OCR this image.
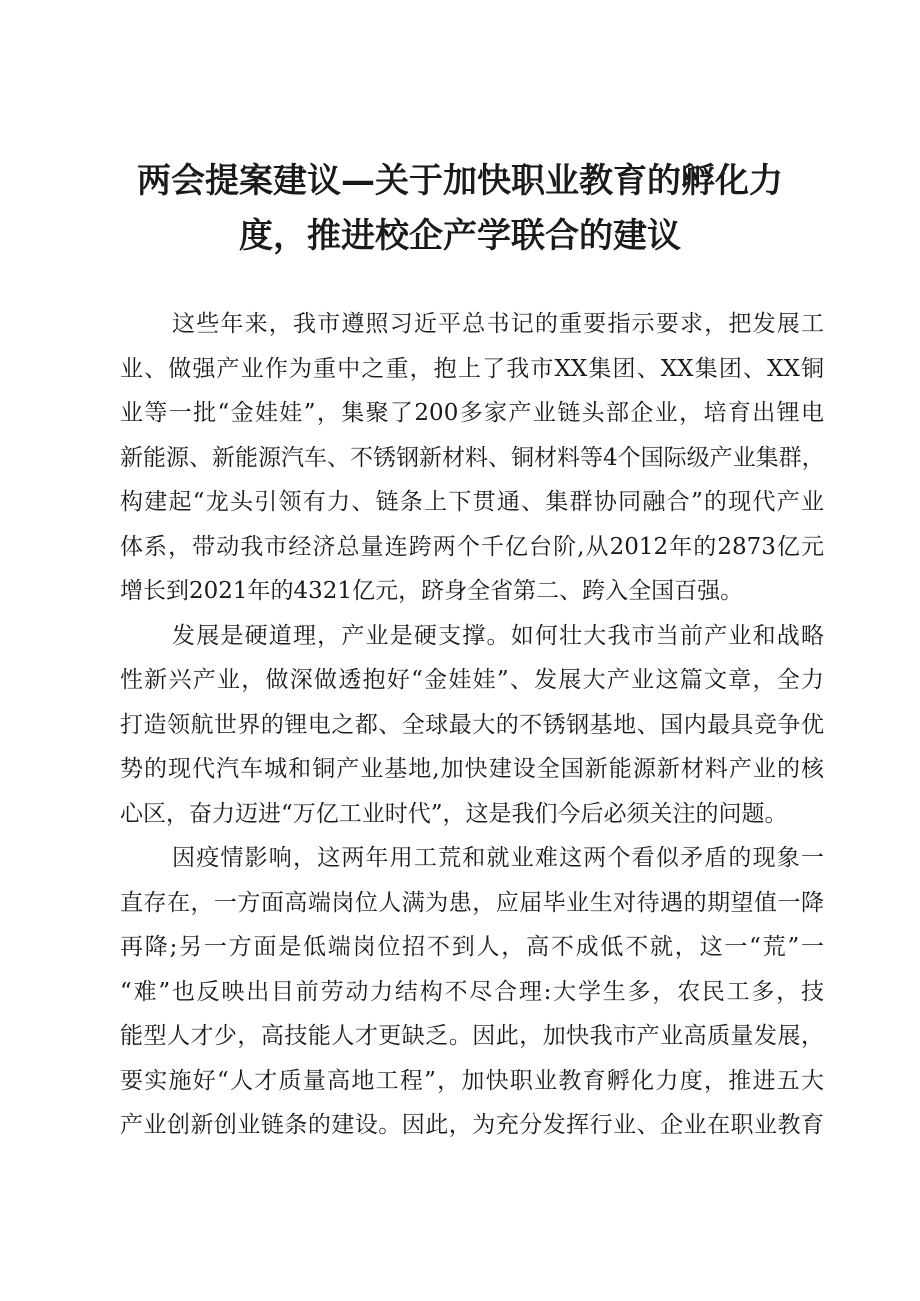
两会提案建议—关于加快职业教育的孵化力
度，推进校企产学联合的建议

这些年来，我市遵照习近平总书记的重要指示要求，把发展工
业、做强产业作为重中之重，抱上了我市XX集团、XX集团、XX铜
业等一批“金娃娃”，集聚了200多家产业链头部企业，培育出锂电
新能源、新能源汽车、不锈钢新材料、铜材料等4个国际级产业集群，
构建起“龙头引领有力、链条上下贯通、集群协同融合”的现代产业
体系，带动我市经济总量连跨两个千亿台阶,从2012年的2873亿元
增长到2021年的4321亿元，跻身全省第二、跨入全国百强。

发展是硬道理，产业是硬支撑。如何壮大我市当前产业和战略
性新兴产业，做深做透抱好“金娃娃”、发展大产业这篇文章，全力
打造领航世界的锂电之都、全球最大的不锈钢基地、国内最具竞争优
势的现代汽车城和铜产业基地,加快建设全国新能源新材料产业的核
心区，奋力迈进“万亿工业时代”，这是我们今后必须关注的问题。

因疫情影响，这两年用工荒和就业难这两个看似矛盾的现象一
直存在，一方面高端岗位人满为患，应届毕业生对待遇的期望值一降
再降;另一方面是低端岗位招不到人，高不成低不就，这一“荒”一
“难”也反映出目前劳动力结构不尽合理:大学生多，农民工多，技
能型人才少，高技能人才更缺乏。因此，加快我市产业高质量发展，
要实施好“人才质量高地工程”，加快职业教育孵化力度，推进五大
产业创新创业链条的建设。因此，为充分发挥行业、企业在职业教育
